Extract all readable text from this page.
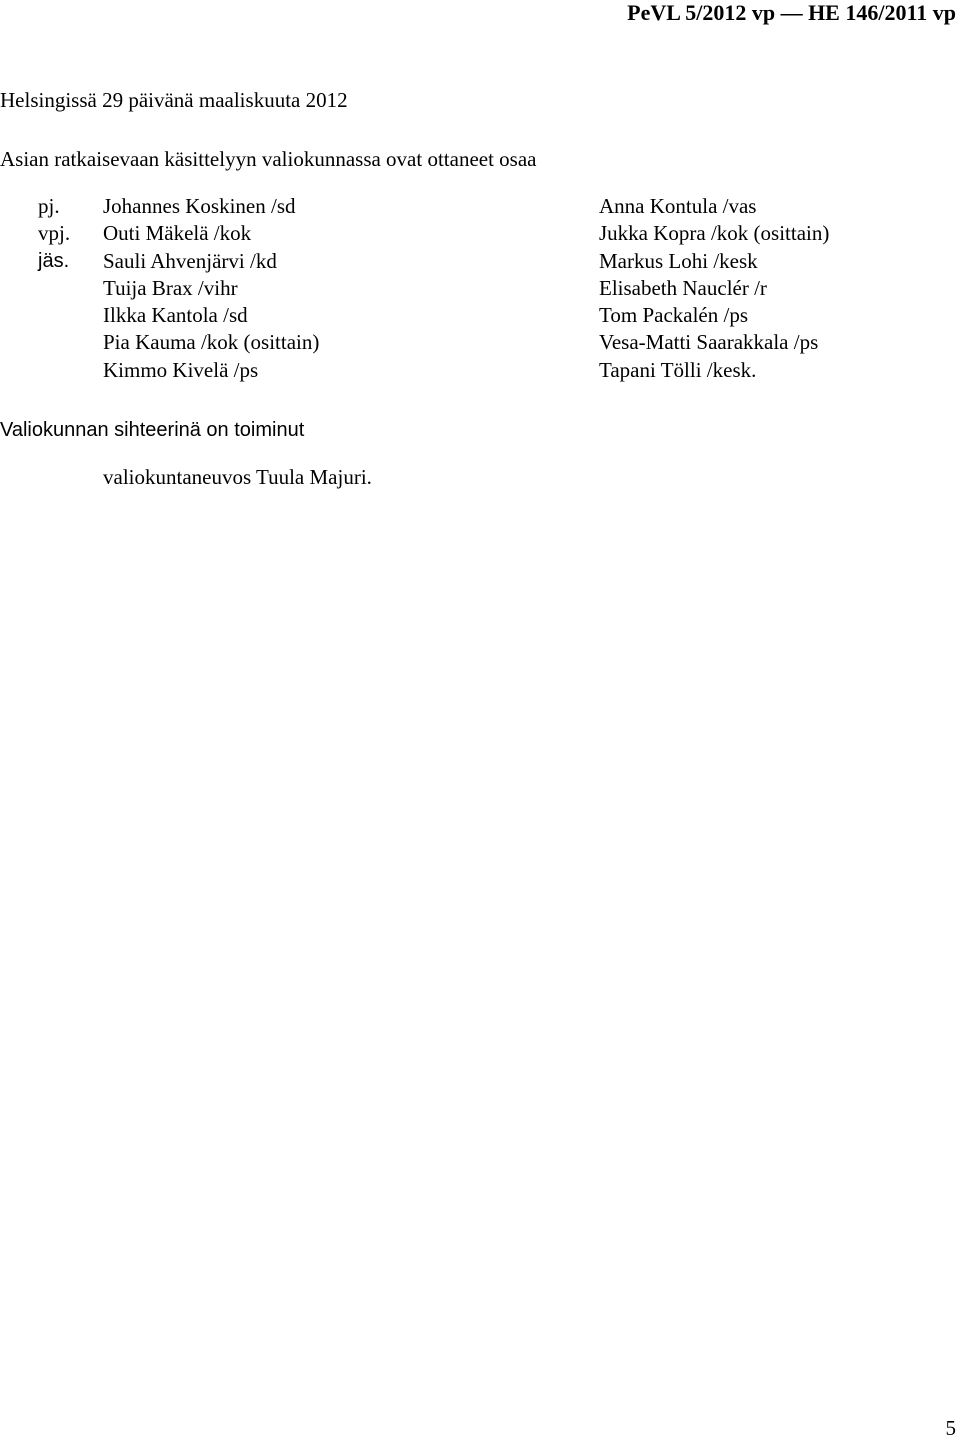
PeVL 5/2012 vp — HE 146/2011 vp
Helsingissä 29 päivänä maaliskuuta 2012
Asian ratkaisevaan käsittelyyn valiokunnassa ovat ottaneet osaa
pj. Johannes Koskinen /sd	Anna Kontula /vas
vpj. Outi Mäkelä /kok	Jukka Kopra /kok (osittain)
jäs. Sauli Ahvenjärvi /kd	Markus Lohi /kesk
Tuija Brax /vihr	Elisabeth Nauclér /r
Ilkka Kantola /sd	Tom Packalén /ps
Pia Kauma /kok (osittain)	Vesa-Matti Saarakkala /ps
Kimmo Kivelä /ps	Tapani Tölli /kesk.
Valiokunnan sihteerinä on toiminut
valiokuntaneuvos Tuula Majuri.
5
